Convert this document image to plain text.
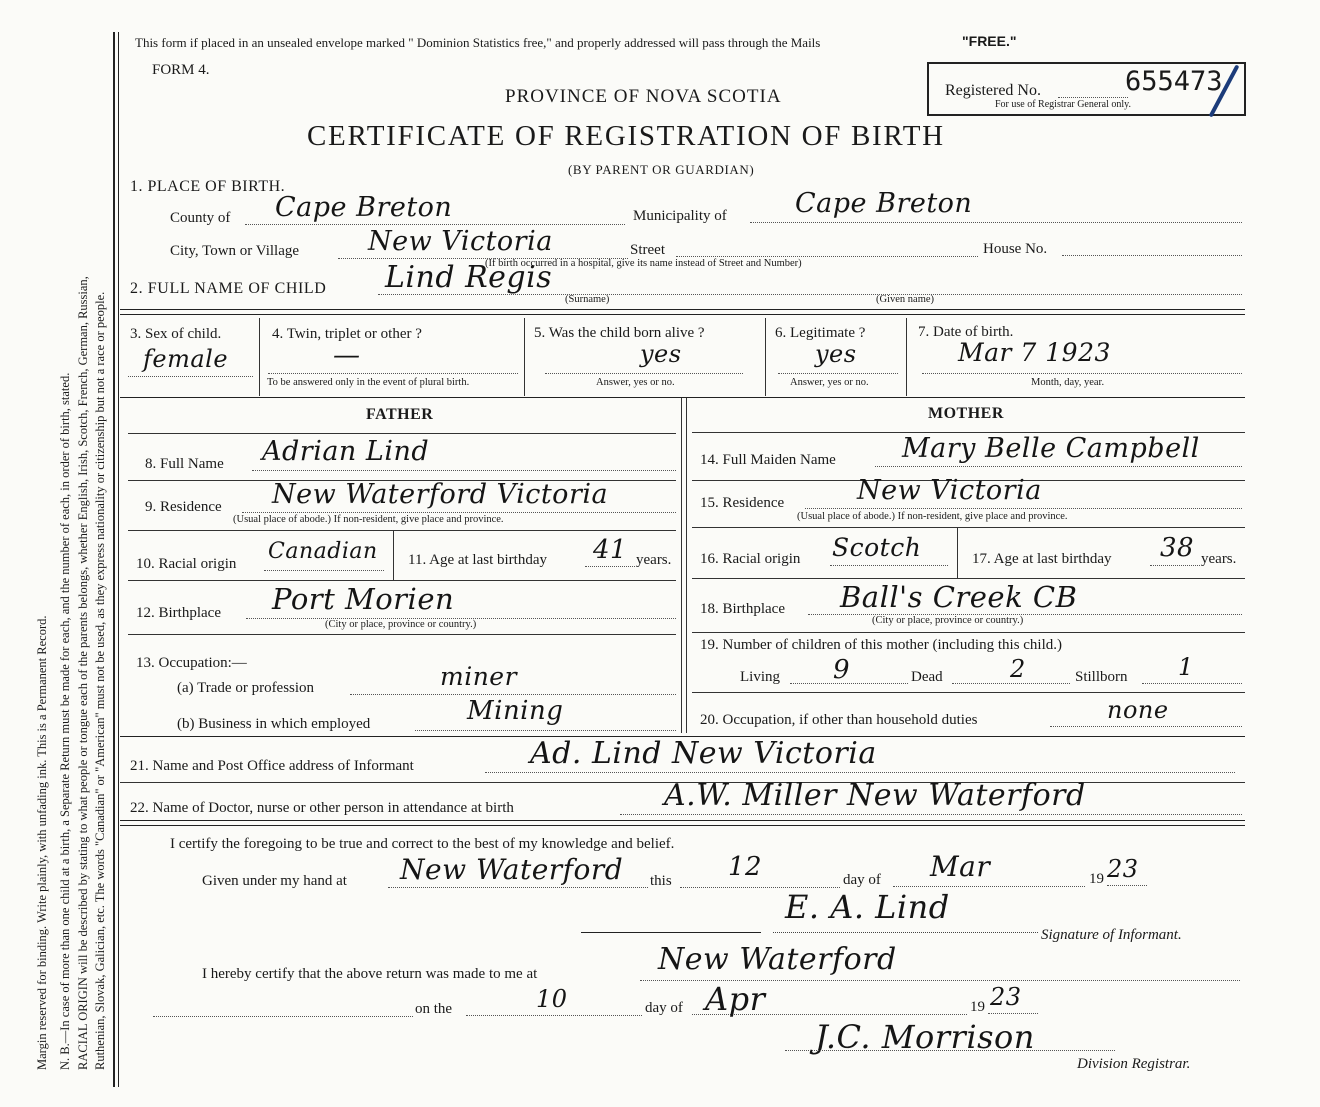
Margin reserved for binding. Write plainly, with unfading ink. This is a Permanent Record. N. B.—In case of more than one child at a birth, a Separate Return must be made for each, and the number of each, in order of birth, stated. RACIAL ORIGIN will be described by stating to what people or tongue each of the parents belongs, whether English, Irish, Scotch, French, German, Russian, Ruthenian, Slovak, Galician, etc. The words "Canadian" or "American" must not be used, as they express nationality or citizenship but not a race or people.
This form if placed in an unsealed envelope marked " Dominion Statistics free," and properly addressed will pass through the Mails	"FREE."
FORM 4.
Registered No.	655473
For use of Registrar General only.
PROVINCE OF NOVA SCOTIA
CERTIFICATE OF REGISTRATION OF BIRTH
(BY PARENT OR GUARDIAN)
1. PLACE OF BIRTH.
County of Cape Breton	Municipality of	Cape Breton
City, Town or Village	New Victoria	Street	House No.
(If birth occurred in a hospital, give its name instead of Street and Number)
2. FULL NAME OF CHILD Lind Regis
(Surname)	(Given name)
3. Sex of child.
female
4. Twin, triplet or other ?
—
To be answered only in the event of plural birth.
5. Was the child born alive ?
yes
Answer, yes or no.
6. Legitimate ?
yes
Answer, yes or no.
7. Date of birth.
Mar 7 1923
Month, day, year.
FATHER
8. Full Name Adrian Lind
9. Residence New Waterford Victoria
(Usual place of abode.) If non-resident, give place and province.
10. Racial origin Canadian 11. Age at last birthday 41 years.
12. Birthplace Port Morien
(City or place, province or country.)
13. Occupation:—
(a) Trade or profession	miner
(b) Business in which employed	Mining
MOTHER
14. Full Maiden Name Mary Belle Campbell
15. Residence	New Victoria
(Usual place of abode.) If non-resident, give place and province.
16. Racial origin Scotch	17. Age at last birthday 38 years.
18. Birthplace Ball's Creek CB
(City or place, province or country.)
19. Number of children of this mother (including this child.)
Living 9	Dead	2	Stillborn 1
20. Occupation, if other than household duties	none
21. Name and Post Office address of Informant	Ad. Lind New Victoria
22. Name of Doctor, nurse or other person in attendance at birth	A.W. Miller New Waterford
I certify the foregoing to be true and correct to the best of my knowledge and belief.
Given under my hand at New Waterford this 12	day of Mar	19 23
E. A. Lind
Signature of Informant.
I hereby certify that the above return was made to me at	New Waterford
on the	10	day of Apr	19 23
J.C. Morrison
Division Registrar.
